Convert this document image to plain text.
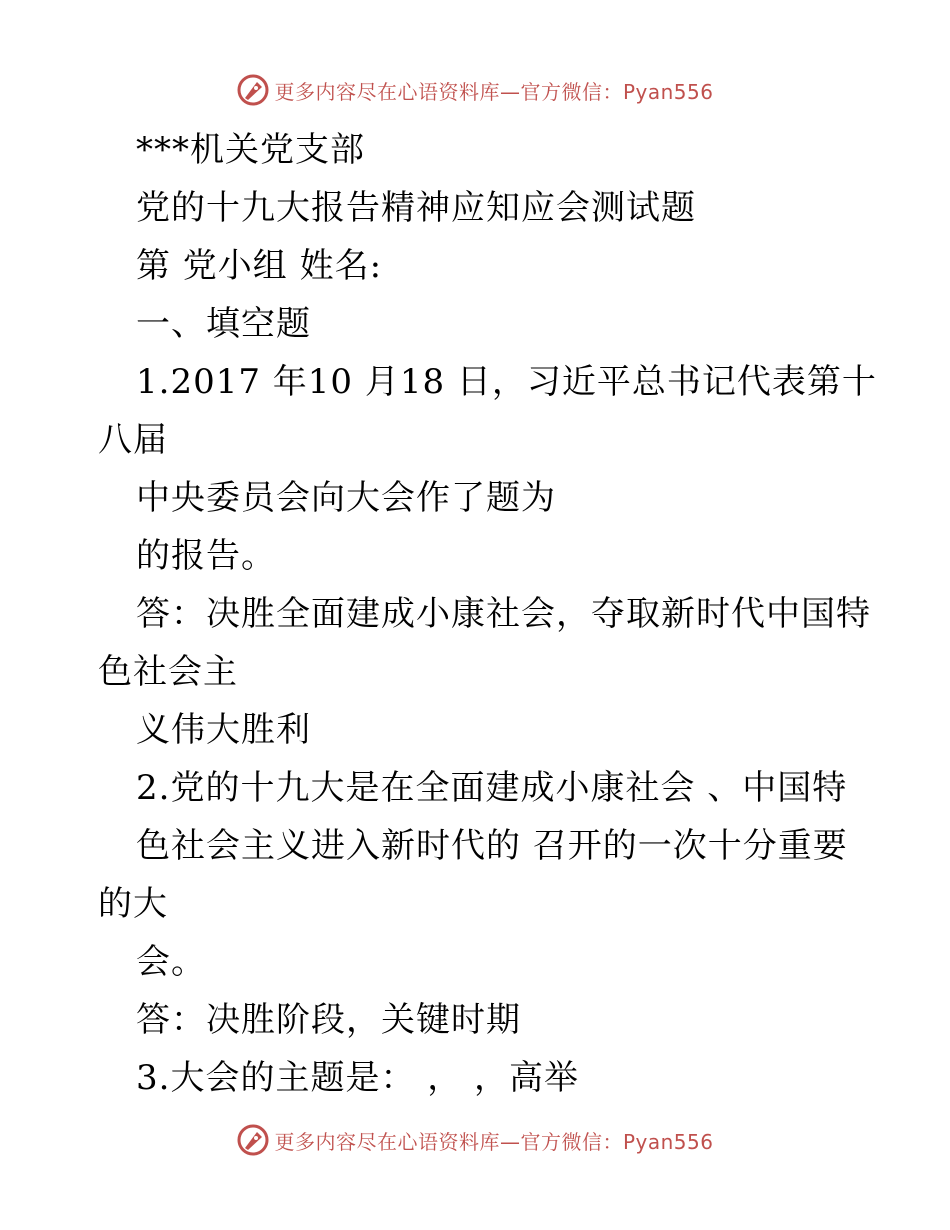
更多内容尽在心语资料库—官方微信：Pyan556
***机关党支部
党的十九大报告精神应知应会测试题
第 党小组 姓名:
一、填空题
1.2017 年10 月18 日，习近平总书记代表第十
八届
中央委员会向大会作了题为
的报告。
答：决胜全面建成小康社会，夺取新时代中国特
色社会主
义伟大胜利
2.党的十九大是在全面建成小康社会 、中国特
色社会主义进入新时代的 召开的一次十分重要
的大
会。
答：决胜阶段，关键时期
3.大会的主题是： ， ，高举
更多内容尽在心语资料库—官方微信：Pyan556
